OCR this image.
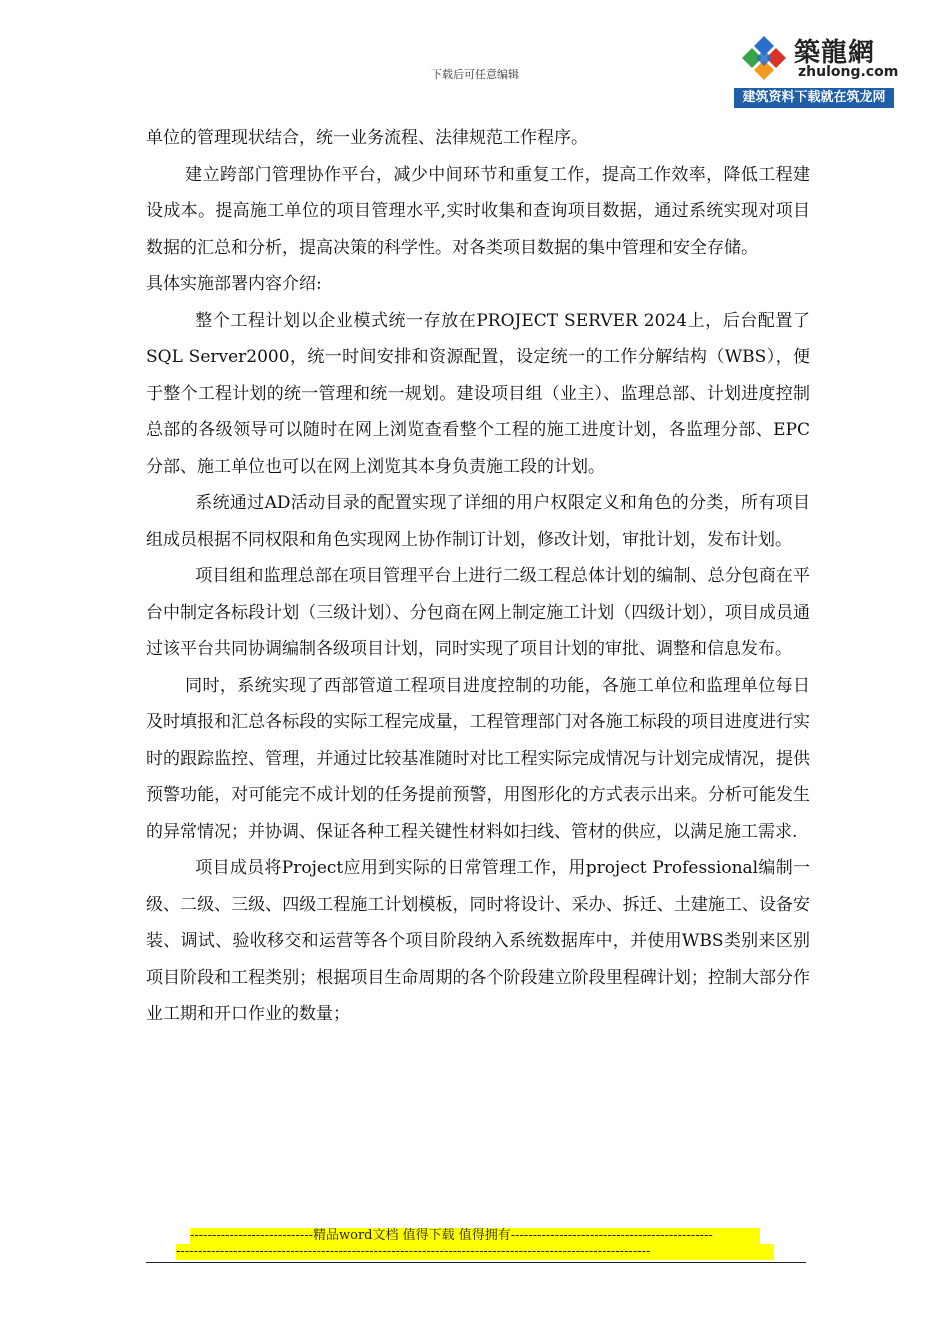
下载后可任意编辑
築龍網
zhulong.com
建筑资料下载就在筑龙网

单位的管理现状结合，统一业务流程、法律规范工作程序。

建立跨部门管理协作平台，减少中间环节和重复工作，提高工作效率，降低工程建设成本。提高施工单位的项目管理水平,实时收集和查询项目数据，通过系统实现对项目数据的汇总和分析，提高决策的科学性。对各类项目数据的集中管理和安全存储。

具体实施部署内容介绍:

整个工程计划以企业模式统一存放在PROJECT SERVER 2024上，后台配置了SQL Server2000，统一时间安排和资源配置，设定统一的工作分解结构（WBS），便于整个工程计划的统一管理和统一规划。建设项目组（业主）、监理总部、计划进度控制总部的各级领导可以随时在网上浏览查看整个工程的施工进度计划，各监理分部、EPC分部、施工单位也可以在网上浏览其本身负责施工段的计划。

系统通过AD活动目录的配置实现了详细的用户权限定义和角色的分类，所有项目组成员根据不同权限和角色实现网上协作制订计划，修改计划，审批计划，发布计划。

项目组和监理总部在项目管理平台上进行二级工程总体计划的编制、总分包商在平台中制定各标段计划（三级计划）、分包商在网上制定施工计划（四级计划），项目成员通过该平台共同协调编制各级项目计划，同时实现了项目计划的审批、调整和信息发布。

同时，系统实现了西部管道工程项目进度控制的功能，各施工单位和监理单位每日及时填报和汇总各标段的实际工程完成量，工程管理部门对各施工标段的项目进度进行实时的跟踪监控、管理，并通过比较基准随时对比工程实际完成情况与计划完成情况，提供预警功能，对可能完不成计划的任务提前预警，用图形化的方式表示出来。分析可能发生的异常情况；并协调、保证各种工程关键性材料如扫线、管材的供应，以满足施工需求.

项目成员将Project应用到实际的日常管理工作，用project Professional编制一级、二级、三级、四级工程施工计划模板，同时将设计、采办、拆迁、土建施工、设备安装、调试、验收移交和运营等各个项目阶段纳入系统数据库中，并使用WBS类别来区别项目阶段和工程类别；根据项目生命周期的各个阶段建立阶段里程碑计划；控制大部分作业工期和开口作业的数量；

----------------------------精品word文档 值得下载 值得拥有----------------------------------------------
------------------------------------------------------------------------------------------------------------
